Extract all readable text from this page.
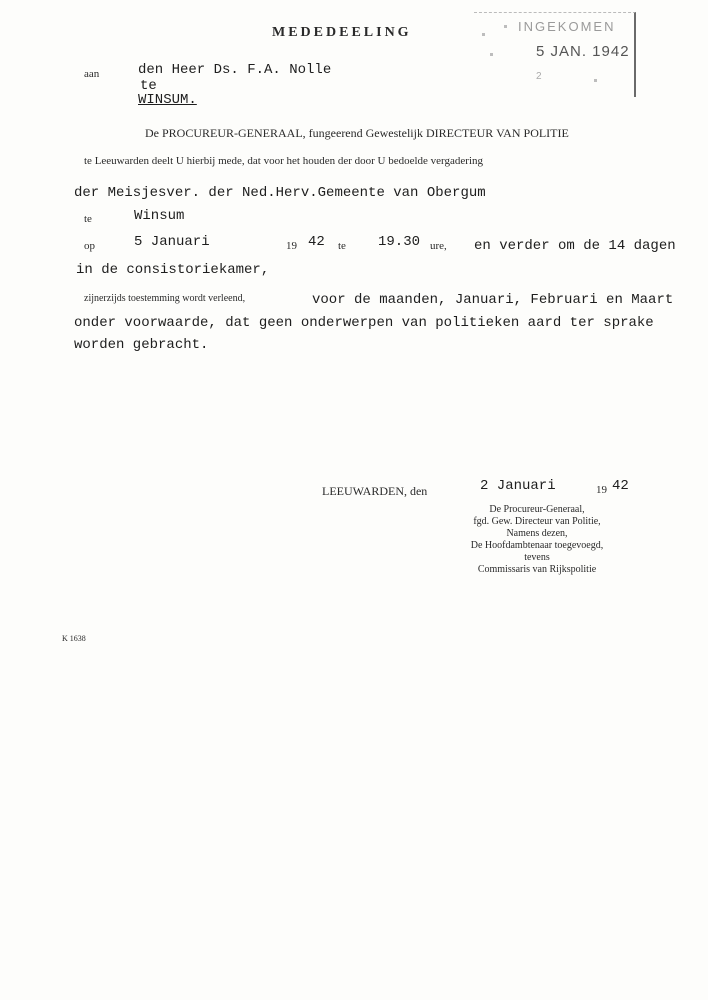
MEDEDEELING	INGEKOMEN
5 JAN. 1942
2
aan	den Heer Ds. F.A. Nolle
te
WINSUM.
De PROCUREUR-GENERAAL, fungeerend Gewestelijk DIRECTEUR VAN POLITIE
te Leeuwarden deelt U hierbij mede, dat voor het houden der door U bedoelde vergadering
der Meisjesver. der Ned.Herv.Gemeente van Obergum
te	Winsum
op	5 Januari	19 42 te 19.30 ure, en verder om de 14 dagen
in de consistoriekamer,
zijnerzijds toestemming wordt verleend,	voor de maanden, Januari, Februari en Maart
onder voorwaarde, dat geen onderwerpen van politieken aard ter sprake
worden gebracht.
LEEUWARDEN, den	2 Januari	19 42
De Procureur-Generaal,
fgd. Gew. Directeur van Politie,
Namens dezen,
De Hoofdambtenaar toegevoegd,
tevens
Commissaris van Rijkspolitie
K 1638
